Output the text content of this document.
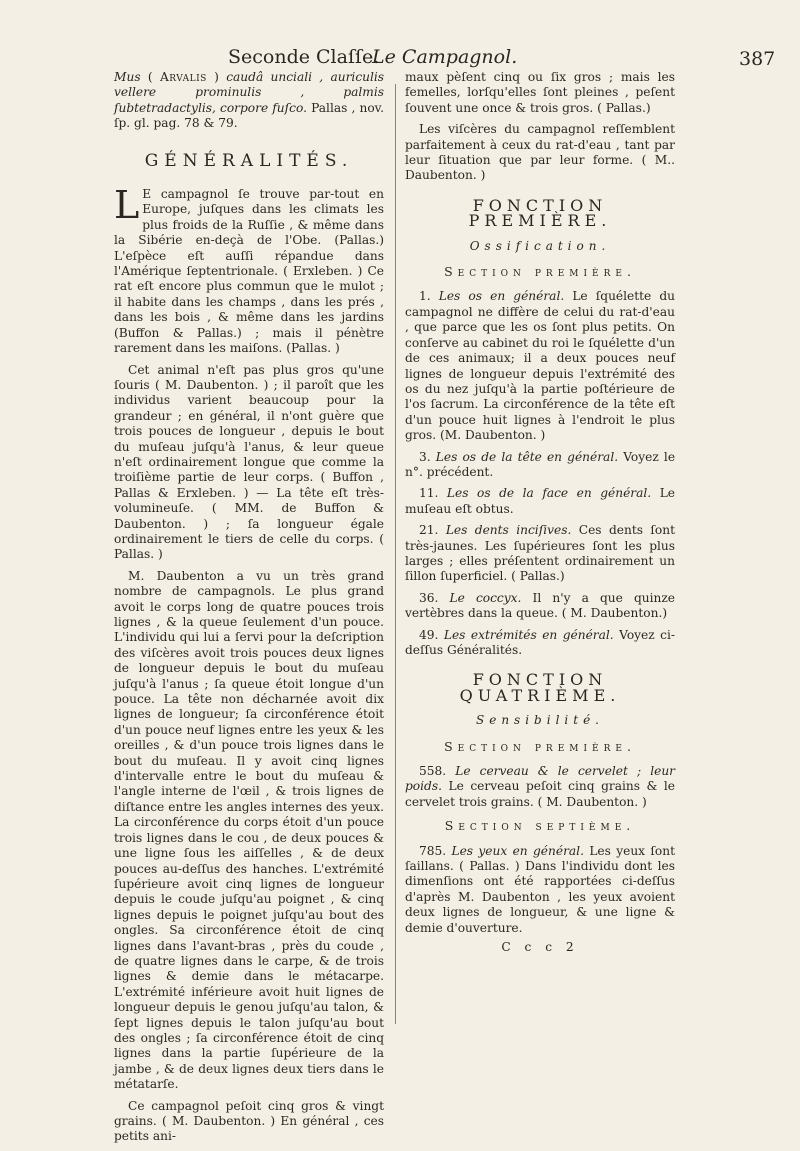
Seconde Claſſe.
Le Campagnol.	387

Mus ( Arvalis ) caudâ unciali , auriculis vellere prominulis , palmis ſubtetradactylis, corpore fuſco. Pallas , nov. ſp. gl. pag. 78 & 79.

GÉNÉRALITÉS.

L E campagnol ſe trouve par-tout en Europe, juſques dans les climats les plus froids de la Ruſſie , & même dans la Sibérie en-deçà de l'Obe. (Pallas.) L'eſpèce eſt auſſi répandue dans l'Amérique ſeptentrionale. ( Erxleben. ) Ce rat eſt encore plus commun que le mulot ; il habite dans les champs , dans les prés , dans les bois , & même dans les jardins (Buffon & Pallas.) ; mais il pénètre rarement dans les maiſons. (Pallas. )

Cet animal n'eſt pas plus gros qu'une ſouris ( M. Daubenton. ) ; il paroît que les individus varient beaucoup pour la grandeur ; en général, il n'ont guère que trois pouces de longueur , depuis le bout du muſeau juſqu'à l'anus, & leur queue n'eſt ordinairement longue que comme la troiſième partie de leur corps. ( Buffon , Pallas & Erxleben. ) — La tête eſt très-volumineuſe. ( MM. de Buffon & Daubenton. ) ; ſa longueur égale ordinairement le tiers de celle du corps. ( Pallas. )

M. Daubenton a vu un très grand nombre de campagnols. Le plus grand avoit le corps long de quatre pouces trois lignes , & la queue ſeulement d'un pouce. L'individu qui lui a ſervi pour la deſcription des viſcères avoit trois pouces deux lignes de longueur depuis le bout du muſeau juſqu'à l'anus ; ſa queue étoit longue d'un pouce. La tête non décharnée avoit dix lignes de longueur; ſa circonférence étoit d'un pouce neuf lignes entre les yeux & les oreilles , & d'un pouce trois lignes dans le bout du muſeau. Il y avoit cinq lignes d'intervalle entre le bout du muſeau & l'angle interne de l'œil , & trois lignes de diſtance entre les angles internes des yeux. La circonférence du corps étoit d'un pouce trois lignes dans le cou , de deux pouces & une ligne ſous les aiſſelles , & de deux pouces au-deſſus des hanches. L'extrémité ſupérieure avoit cinq lignes de longueur depuis le coude juſqu'au poignet , & cinq lignes depuis le poignet juſqu'au bout des ongles. Sa circonférence étoit de cinq lignes dans l'avant-bras , près du coude , de quatre lignes dans le carpe, & de trois lignes & demie dans le métacarpe. L'extrémité inférieure avoit huit lignes de longueur depuis le genou juſqu'au talon, & ſept lignes depuis le talon juſqu'au bout des ongles ; ſa circonférence étoit de cinq lignes dans la partie ſupérieure de la jambe , & de deux lignes deux tiers dans le métatarſe.

Ce campagnol peſoit cinq gros & vingt grains. ( M. Daubenton. ) En général , ces petits ani-

maux pèſent cinq ou ſix gros ; mais les femelles, lorſqu'elles ſont pleines , peſent ſouvent une once & trois gros. ( Pallas.)

Les viſcères du campagnol reſſemblent parfaitement à ceux du rat-d'eau , tant par leur ſituation que par leur forme. ( M.. Daubenton. )

FONCTION PREMIÈRE.
Ossification.
Section première.

1. Les os en général. Le ſquélette du campagnol ne diffère de celui du rat-d'eau , que parce que les os ſont plus petits. On conſerve au cabinet du roi le ſquélette d'un de ces animaux; il a deux pouces neuf lignes de longueur depuis l'extrémité des os du nez juſqu'à la partie poſtérieure de l'os ſacrum. La circonférence de la tête eſt d'un pouce huit lignes à l'endroit le plus gros. (M. Daubenton. )

3. Les os de la tête en général. Voyez le n°. précédent.

11. Les os de la face en général. Le muſeau eſt obtus.

21. Les dents inciſives. Ces dents ſont très-jaunes. Les ſupérieures ſont les plus larges ; elles préſentent ordinairement un ſillon ſuperficiel. ( Pallas.)

36. Le coccyx. Il n'y a que quinze vertèbres dans la queue. ( M. Daubenton.)

49. Les extrémités en général. Voyez ci-deſſus Généralités.

FONCTION QUATRIÈME.
Sensibilité.
Section première.

558. Le cerveau & le cervelet ; leur poids. Le cerveau peſoit cinq grains & le cervelet trois grains. ( M. Daubenton. )

Section septième.

785. Les yeux en général. Les yeux ſont ſaillans. ( Pallas. ) Dans l'individu dont les dimenſions ont été rapportées ci-deſſus d'après M. Daubenton , les yeux avoient deux lignes de longueur, & une ligne & demie d'ouverture.

C c c 2
